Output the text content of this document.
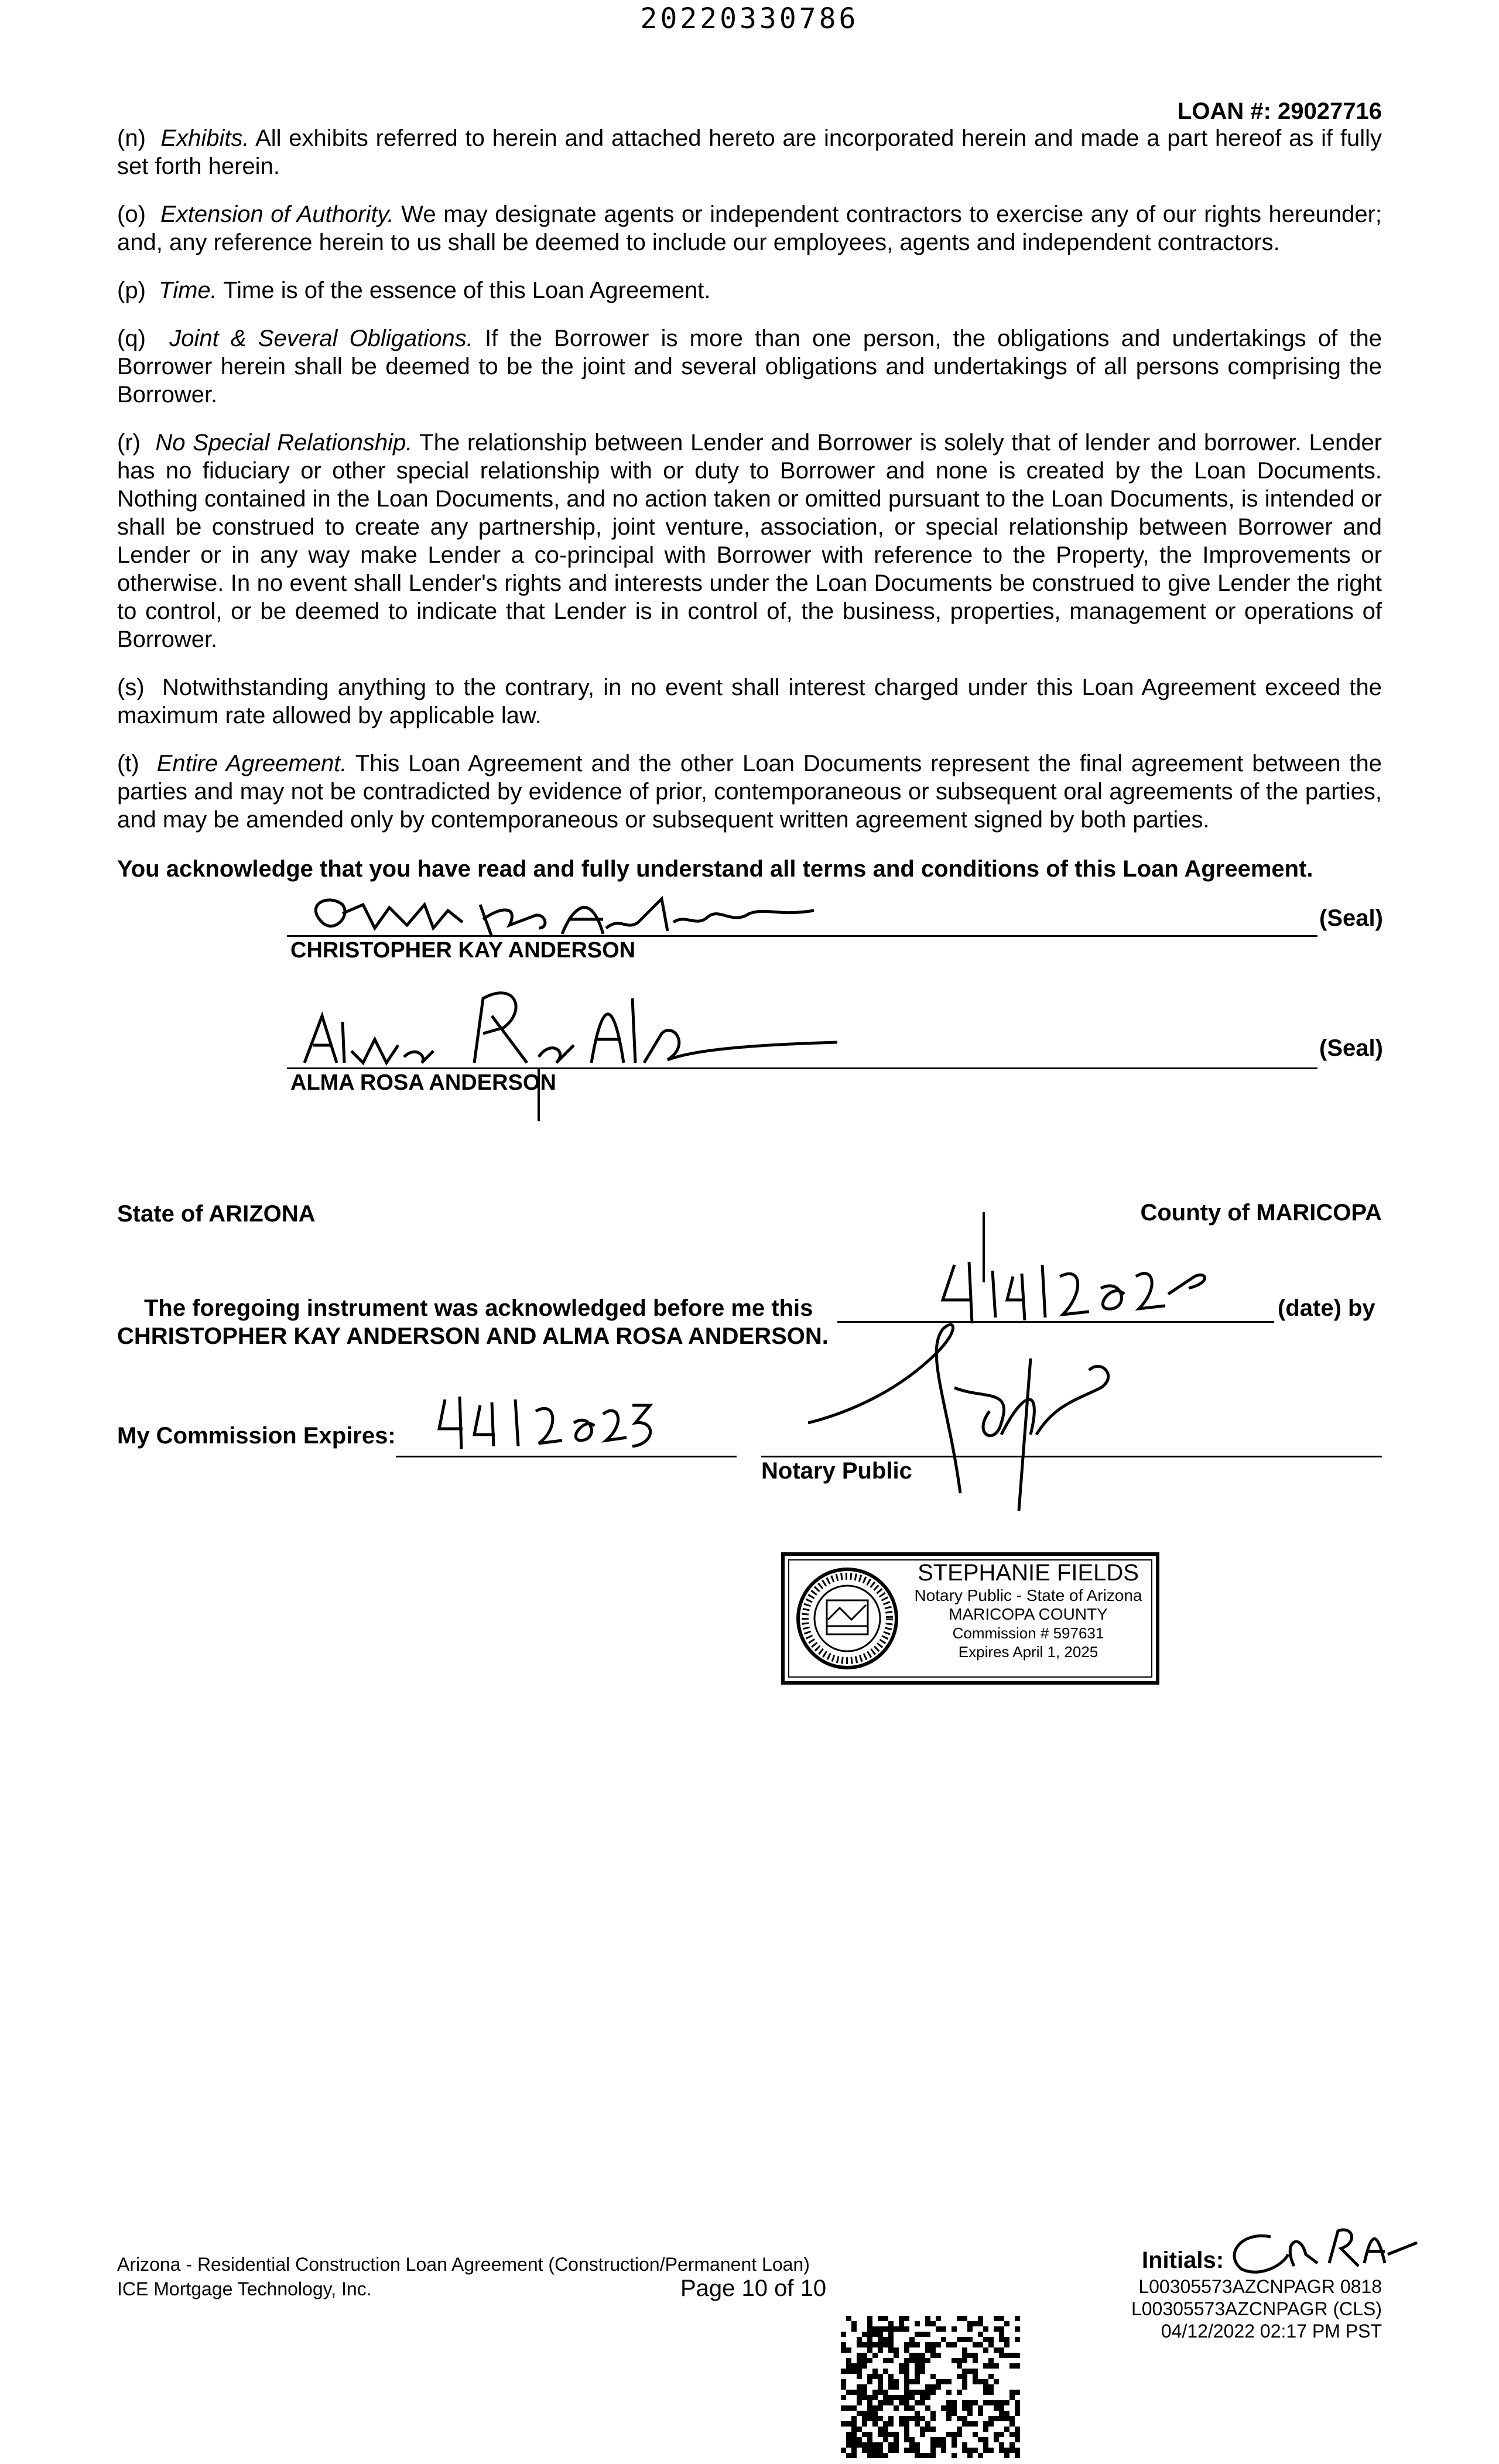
20220330786
LOAN #: 29027716

(n) Exhibits. All exhibits referred to herein and attached hereto are incorporated herein and made a part hereof as if fully set forth herein.

(o) Extension of Authority. We may designate agents or independent contractors to exercise any of our rights hereunder; and, any reference herein to us shall be deemed to include our employees, agents and independent contractors.

(p) Time. Time is of the essence of this Loan Agreement.

(q) Joint & Several Obligations. If the Borrower is more than one person, the obligations and undertakings of the Borrower herein shall be deemed to be the joint and several obligations and undertakings of all persons comprising the Borrower.

(r) No Special Relationship. The relationship between Lender and Borrower is solely that of lender and borrower. Lender has no fiduciary or other special relationship with or duty to Borrower and none is created by the Loan Documents. Nothing contained in the Loan Documents, and no action taken or omitted pursuant to the Loan Documents, is intended or shall be construed to create any partnership, joint venture, association, or special relationship between Borrower and Lender or in any way make Lender a co-principal with Borrower with reference to the Property, the Improvements or otherwise. In no event shall Lender's rights and interests under the Loan Documents be construed to give Lender the right to control, or be deemed to indicate that Lender is in control of, the business, properties, management or operations of Borrower.

(s) Notwithstanding anything to the contrary, in no event shall interest charged under this Loan Agreement exceed the maximum rate allowed by applicable law.

(t) Entire Agreement. This Loan Agreement and the other Loan Documents represent the final agreement between the parties and may not be contradicted by evidence of prior, contemporaneous or subsequent oral agreements of the parties, and may be amended only by contemporaneous or subsequent written agreement signed by both parties.

You acknowledge that you have read and fully understand all terms and conditions of this Loan Agreement.
(Seal)
CHRISTOPHER KAY ANDERSON
(Seal)
ALMA ROSA ANDERSON
State of ARIZONA	County of MARICOPA
The foregoing instrument was acknowledged before me this	(date) by
CHRISTOPHER KAY ANDERSON AND ALMA ROSA ANDERSON.
My Commission Expires:
Notary Public
STEPHANIE FIELDS
Notary Public - State of Arizona
MARICOPA COUNTY
Commission # 597631
Expires April 1, 2025
Arizona - Residential Construction Loan Agreement (Construction/Permanent Loan)
ICE Mortgage Technology, Inc.	Page 10 of 10
Initials:
L00305573AZCNPAGR 0818
L00305573AZCNPAGR (CLS)
04/12/2022 02:17 PM PST
